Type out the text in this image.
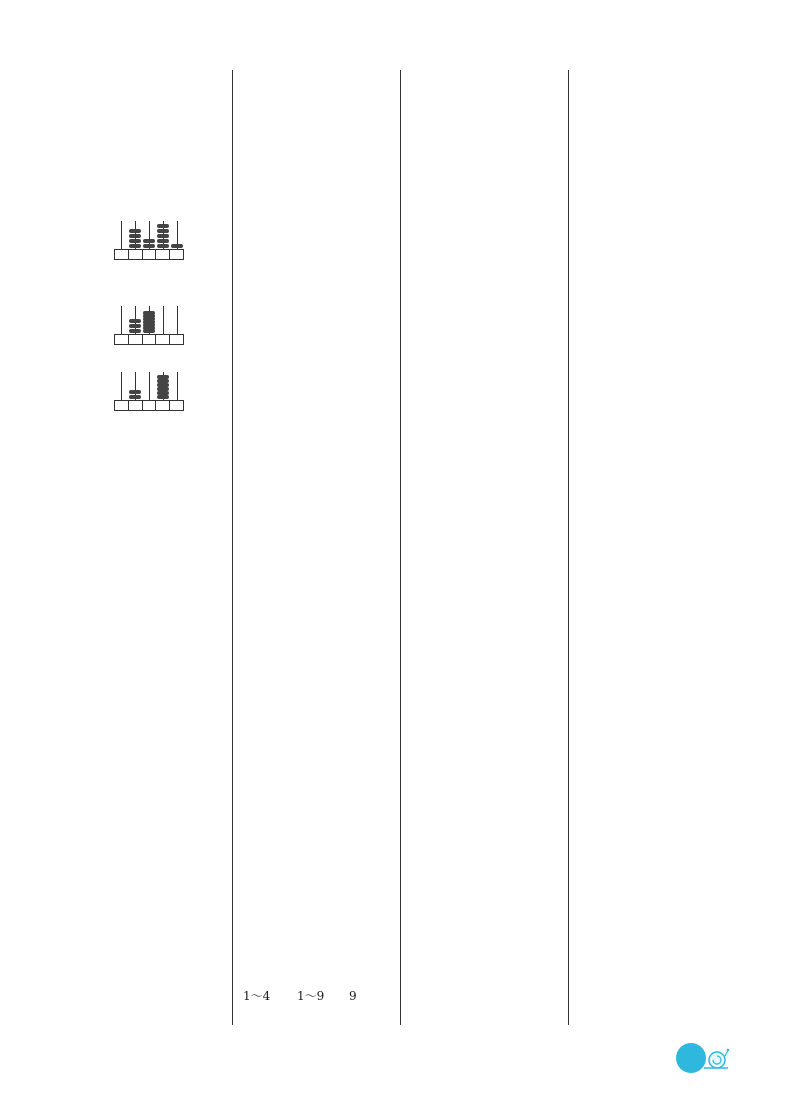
1～4 1～9 9
